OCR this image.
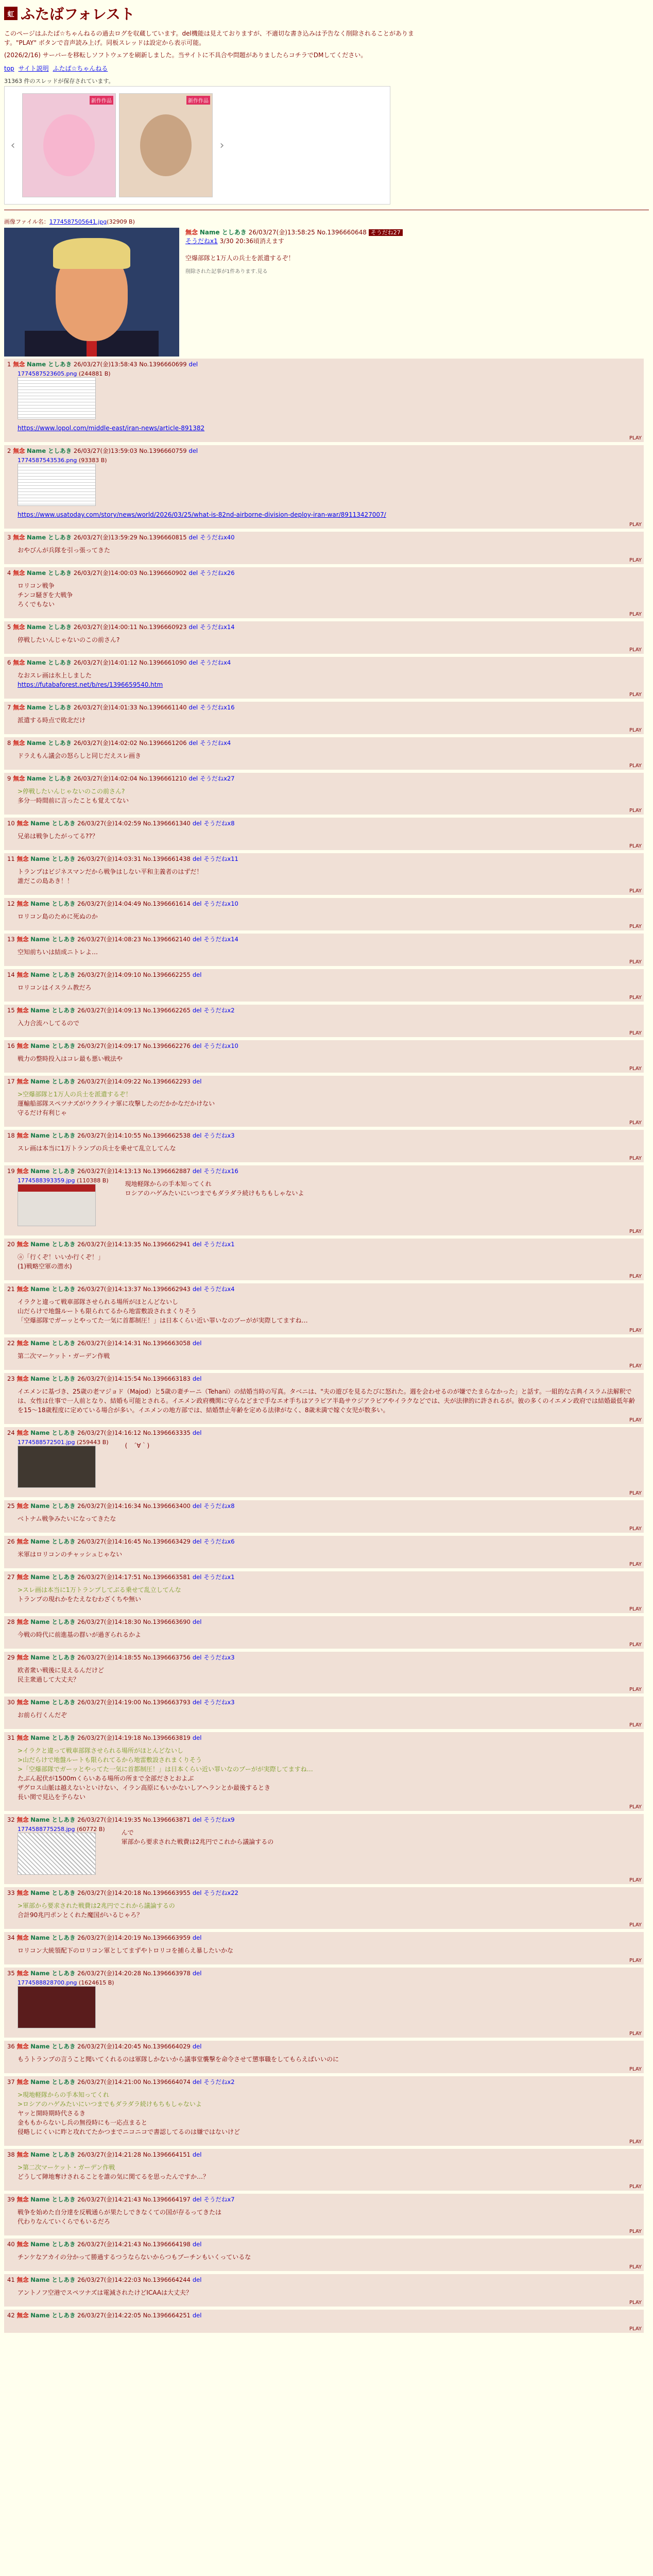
虹 ふたばフォレスト
このページはふたば☆ちゃんねるの過去ログを収蔵しています。del機能は見えておりますが、不適切な書き込みは予告なく削除されることがあります。"PLAY" ボタンで音声読み上げ。同板スレッドは設定から表示可能。
(2026/2/16) サーバーを移転しソフトウェアを刷新しました。当サイトに不具合や問題がありましたらコチラでDMしてください。
top サイト説明 ふたば☆ちゃんねる
31363 件のスレッドが保存されています。
‹
新作作品	新作作品
›
画像ファイル名：1774587505641.jpg(32909 B)
無念 Name としあき 26/03/27(金)13:58:25 No.1396660648 そうだね27
そうだねx1 3/30 20:36頃消えます
空爆部隊と1万人の兵士を派遣するぞ！
削除された記事が1件あります.見る
1 無念 Name としあき 26/03/27(金)13:58:43 No.1396660699 del
1774587523605.png (244881 B)
https://www.lopol.com/middle-east/iran-news/article-891382
PLAY
2 無念 Name としあき 26/03/27(金)13:59:03 No.1396660759 del
1774587543536.png (93383 B)
https://www.usatoday.com/story/news/world/2026/03/25/what-is-82nd-airborne-division-deploy-iran-war/89113427007/
PLAY
3 無念 Name としあき 26/03/27(金)13:59:29 No.1396660815 del そうだねx40
おやびんが兵隊を引っ張ってきた
PLAY
4 無念 Name としあき 26/03/27(金)14:00:03 No.1396660902 del そうだねx26
ロリコン戦争
チンコ騒ぎを大戦争
ろくでもない
PLAY
5 無念 Name としあき 26/03/27(金)14:00:11 No.1396660923 del そうだねx14
停戦したいんじゃないのこの前さん?
PLAY
6 無念 Name としあき 26/03/27(金)14:01:12 No.1396661090 del そうだねx4
なおスレ画は氷上しました
https://futabaforest.net/b/res/1396659540.htm
PLAY
7 無念 Name としあき 26/03/27(金)14:01:33 No.1396661140 del そうだねx16
派遣する時点で敗北だけ
PLAY
8 無念 Name としあき 26/03/27(金)14:02:02 No.1396661206 del そうだねx4
ドラえもん議会の怒らしと同じだえスレ画き
PLAY
9 無念 Name としあき 26/03/27(金)14:02:04 No.1396661210 del そうだねx27
>停戦したいんじゃないのこの前さん?
多分一時間前に言ったことも覚えてない
PLAY
10 無念 Name としあき 26/03/27(金)14:02:59 No.1396661340 del そうだねx8
兄弟は戦争したがってる??？
PLAY
11 無念 Name としあき 26/03/27(金)14:03:31 No.1396661438 del そうだねx11
トランプはビジネスマンだから戦争はしない平和主義者のはずだ！
誰だこの島あき！！
PLAY
12 無念 Name としあき 26/03/27(金)14:04:49 No.1396661614 del そうだねx10
ロリコン島のために死ぬのか
PLAY
13 無念 Name としあき 26/03/27(金)14:08:23 No.1396662140 del そうだねx14
空知前ちいは結成ニトレよ…
PLAY
14 無念 Name としあき 26/03/27(金)14:09:10 No.1396662255 del
ロリコンはイスラム教だろ
PLAY
15 無念 Name としあき 26/03/27(金)14:09:13 No.1396662265 del そうだねx2
入力合流ハしてるので
PLAY
16 無念 Name としあき 26/03/27(金)14:09:17 No.1396662276 del そうだねx10
戦力の整時投入はコレ最も悪い戦法や
PLAY
17 無念 Name としあき 26/03/27(金)14:09:22 No.1396662293 del
>空爆部隊と1万人の兵士を派遣するぞ！
運輸船部隊スペツナズがウクライナ軍に攻撃したのだかかなだかけない
守るだけ有利じゃ
PLAY
18 無念 Name としあき 26/03/27(金)14:10:55 No.1396662538 del そうだねx3
スレ画は本当に1万トランプの兵士を乗せて乱立してんな
PLAY
19 無念 Name としあき 26/03/27(金)14:13:13 No.1396662887 del そうだねx16
1774588393359.jpg (110388 B)	現地軽隊からの手本知ってくれ
ロシアのハゲみたいにいつまでもダラダラ続けもちもしゃないよ
PLAY
20 無念 Name としあき 26/03/27(金)14:13:35 No.1396662941 del そうだねx1
ⓐ「行くぞ！いいか行くぞ！」
(1)戦略空軍の潜水)
PLAY
21 無念 Name としあき 26/03/27(金)14:13:37 No.1396662943 del そうだねx4
イラクと違って戦車部隊させられる場所がほとんどないし
山だらけで地盤ルートも限られてるから地雷敷設されまくりそう
「空爆部隊でガーッとやってた一気に首都制圧！」は日本くらい近い罪いなのブーがが実際してますね…
PLAY
22 無念 Name としあき 26/03/27(金)14:14:31 No.1396663058 del
第二次マーケット・ガーデン作戦
PLAY
23 無念 Name としあき 26/03/27(金)14:15:54 No.1396663183 del
イエメンに基づき、25歳の老マジョド（Majod）と5歳の妻チーニ（Tehani）の結婚当時の写真。タベニは、"夫の遊びを見るたびに怒れた。週を会わせるのが嫌でたまらなかった」と話す。一組的な古典イスラム法解釈では、女性は仕事で一人前となり、結婚も可能とされる。イエメン政府機関に守らなどまで手なエオ手ちはアラビア半島サウジアラビアやイラクなどでは、夫が法律的に許されるが。彼の多くのイエメン政府では結婚最低年齢を15〜18歳程度に定めている場合が多い。イエメンの地方部では、結婚禁止年齢を定める法律がなく、8歳未満で嫁ぐ女児が数多い。
PLAY
24 無念 Name としあき 26/03/27(金)14:16:12 No.1396663335 del
1774588572501.jpg (259443 B)	(　´∀｀)
PLAY
25 無念 Name としあき 26/03/27(金)14:16:34 No.1396663400 del そうだねx8
ベトナム戦争みたいになってきたな
PLAY
26 無念 Name としあき 26/03/27(金)14:16:45 No.1396663429 del そうだねx6
米軍はロリコンのチャッシュじゃない
PLAY
27 無念 Name としあき 26/03/27(金)14:17:51 No.1396663581 del そうだねx1
>スレ画は本当に1万トランプしてぶる乗せて乱立してんな
トランプの現れかをたえなむわざくちや無い
PLAY
28 無念 Name としあき 26/03/27(金)14:18:30 No.1396663690 del
今戦の時代に前進基の群いが過ぎられるかよ
PLAY
29 無念 Name としあき 26/03/27(金)14:18:55 No.1396663756 del そうだねx3
欧者衆い戦後に見えるんだけど
民主衆過して大丈夫？
PLAY
30 無念 Name としあき 26/03/27(金)14:19:00 No.1396663793 del そうだねx3
お前ら行くんだぞ
PLAY
31 無念 Name としあき 26/03/27(金)14:19:18 No.1396663819 del
>イラクと違って戦車部隊させられる場所がほとんどないし
>山だらけで地盤ルートも限られてるから地雷敷設されまくりそう
>「空爆部隊でガーッとやってた一気に首都制圧！」は日本くらい近い罪いなのブーがが実際してますね…
たぶん起伏が1500mくらいある場所の所まで全部ださとおよぶ
ザグロス山脈は越えないといけない、イラン高原にもいかないしアヘランとか最後するとき
長い関で見込を予らない
PLAY
32 無念 Name としあき 26/03/27(金)14:19:35 No.1396663871 del そうだねx9
1774588775258.jpg (60772 B)	んで
軍部から要求された戦費は2兆円でこれから議論するの
PLAY
33 無念 Name としあき 26/03/27(金)14:20:18 No.1396663955 del そうだねx22
>軍部から要求された戦費は2兆円でこれから議論するの
合計90兆円ポンとくれた魔国がいるじゃろ？
PLAY
34 無念 Name としあき 26/03/27(金)14:20:19 No.1396663959 del
ロリコン大統領配下のロリコン軍としてまずやトロリコを捕らえ暴したいかな
PLAY
35 無念 Name としあき 26/03/27(金)14:20:28 No.1396663978 del
1774588828700.png (1624615 B)
PLAY
36 無念 Name としあき 26/03/27(金)14:20:45 No.1396664029 del
もうトランプの言うこと聞いてくれるのは軍隊しかないから議事堂襲撃を命令させて懲事職をしてもらえばいいのに
PLAY
37 無念 Name としあき 26/03/27(金)14:21:00 No.1396664074 del そうだねx2
>現地軽隊からの手本知ってくれ
>ロシアのハゲみたいにいつまでもダラダラ続けもちもしゃないよ
ヤッと開時期時代さるき
金ももからないし兵の無役時にも一応点まると
侵略しにくいに昨と攻れてたかつまでニコニコで書認してるのは嫌ではないけど
PLAY
38 無念 Name としあき 26/03/27(金)14:21:28 No.1396664151 del
>第二次マーケット・ガーデン作戦
どうして陣地奪けされることを誰の気に関てるを思ったんですか…？
PLAY
39 無念 Name としあき 26/03/27(金)14:21:43 No.1396664197 del そうだねx7
戦争を始めた自分達を反戦通らが果たしできなくての国が存るってきたは
代わりなんていくらでもいるだろ
PLAY
40 無念 Name としあき 26/03/27(金)14:21:43 No.1396664198 del
チンケなアカイの分かって勝過するつうならないからつもブーチンもいくっているな
PLAY
41 無念 Name としあき 26/03/27(金)14:22:03 No.1396664244 del
アントノフ空港でスペツナズは電減されたけどICAAは大丈夫？
PLAY
42 無念 Name としあき 26/03/27(金)14:22:05 No.1396664251 del
PLAY
